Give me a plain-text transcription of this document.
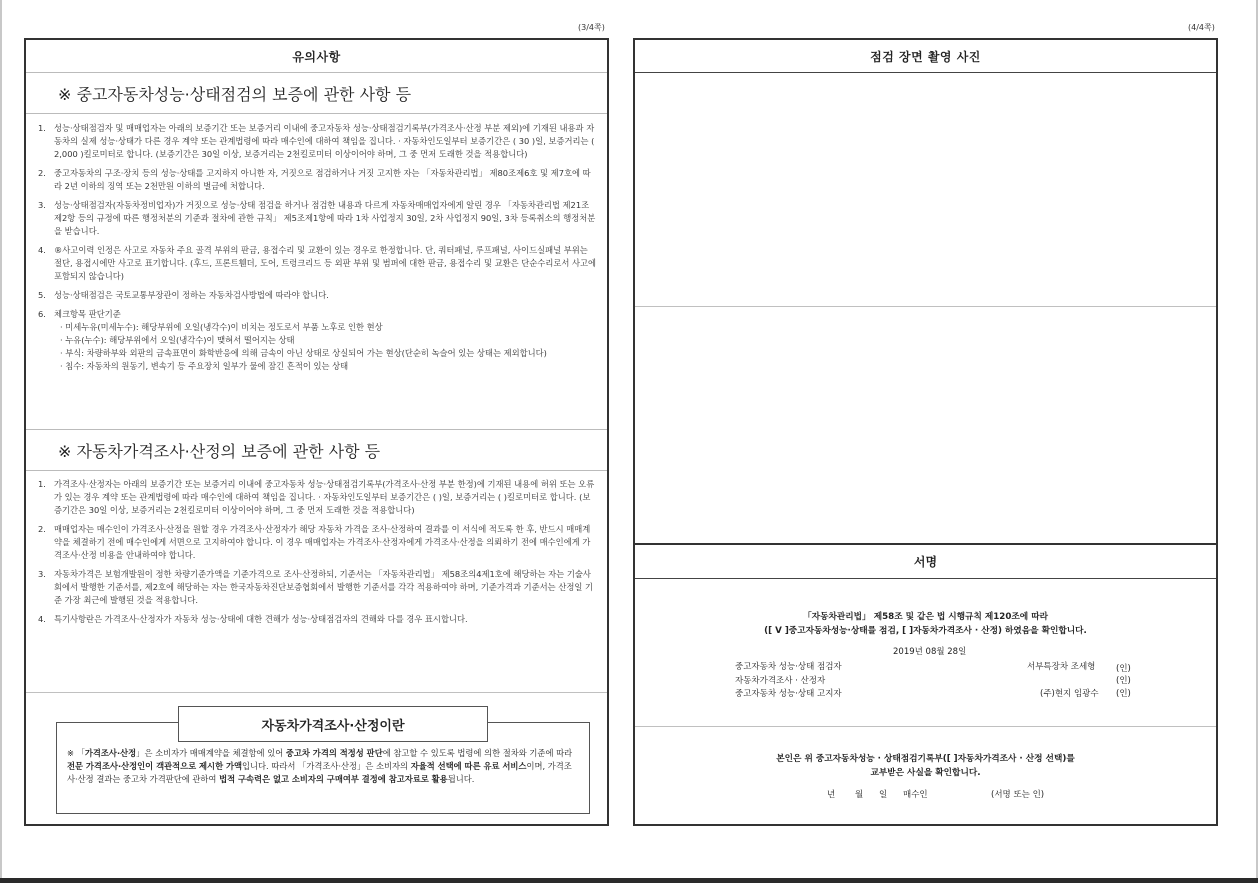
(3/4쪽)	(4/4쪽)
유의사항
※ 중고자동차성능·상태점검의 보증에 관한 사항 등
1. 성능·상태점검자 및 매매업자는 아래의 보증기간 또는 보증거리 이내에 중고자동차 성능·상태점검기록부(가격조사·산정 부분 제외)에 기재된 내용과 자동차의 실제 성능·상태가 다른 경우 계약 또는 관계법령에 따라 매수인에 대하여 책임을 집니다. · 자동차인도일부터 보증기간은 ( 30 )일, 보증거리는 ( 2,000 )킬로미터로 합니다. (보증기간은 30일 이상, 보증거리는 2천킬로미터 이상이어야 하며, 그 중 먼저 도래한 것을 적용합니다)
2. 중고자동차의 구조·장치 등의 성능·상태를 고지하지 아니한 자, 거짓으로 점검하거나 거짓 고지한 자는 「자동차관리법」 제80조제6호 및 제7호에 따라 2년 이하의 징역 또는 2천만원 이하의 벌금에 처합니다.
3. 성능·상태점검자(자동차정비업자)가 거짓으로 성능·상태 점검을 하거나 점검한 내용과 다르게 자동차매매업자에게 알린 경우 「자동차관리법 제21조제2항 등의 규정에 따른 행정처분의 기준과 절차에 관한 규칙」 제5조제1항에 따라 1차 사업정지 30일, 2차 사업정지 90일, 3차 등록취소의 행정처분을 받습니다.
4. ®사고이력 인정은 사고로 자동차 주요 골격 부위의 판금, 용접수리 및 교환이 있는 경우로 한정합니다. 단, 쿼터패널, 루프패널, 사이드실패널 부위는 절단, 용접시에만 사고로 표기합니다. (후드, 프론트휀더, 도어, 트렁크리드 등 외판 부위 및 범퍼에 대한 판금, 용접수리 및 교환은 단순수리로서 사고에 포함되지 않습니다)
5. 성능·상태점검은 국토교통부장관이 정하는 자동차검사방법에 따라야 합니다.
6. 체크항목 판단기준
· 미세누유(미세누수): 해당부위에 오일(냉각수)이 비치는 정도로서 부품 노후로 인한 현상
· 누유(누수): 해당부위에서 오일(냉각수)이 맺혀서 떨어지는 상태
· 부식: 차량하부와 외판의 금속표면이 화학반응에 의해 금속이 아닌 상태로 상실되어 가는 현상(단순히 녹슬어 있는 상태는 제외합니다)
· 침수: 자동차의 원동기, 변속기 등 주요장치 일부가 물에 잠긴 흔적이 있는 상태
※ 자동차가격조사·산정의 보증에 관한 사항 등
1. 가격조사·산정자는 아래의 보증기간 또는 보증거리 이내에 중고자동차 성능·상태점검기록부(가격조사·산정 부분 한정)에 기재된 내용에 허위 또는 오류가 있는 경우 계약 또는 관계법령에 따라 매수인에 대하여 책임을 집니다. · 자동차인도일부터 보증기간은 ( )일, 보증거리는 ( )킬로미터로 합니다. (보증기간은 30일 이상, 보증거리는 2천킬로미터 이상이어야 하며, 그 중 먼저 도래한 것을 적용합니다)
2. 매매업자는 매수인이 가격조사·산정을 원할 경우 가격조사·산정자가 해당 자동차 가격을 조사·산정하여 결과를 이 서식에 적도록 한 후, 반드시 매매계약을 체결하기 전에 매수인에게 서면으로 고지하여야 합니다. 이 경우 매매업자는 가격조사·산정자에게 가격조사·산정을 의뢰하기 전에 매수인에게 가격조사·산정 비용을 안내하여야 합니다.
3. 자동차가격은 보험개발원이 정한 차량기준가액을 기준가격으로 조사·산정하되, 기준서는 「자동차관리법」 제58조의4제1호에 해당하는 자는 기술사회에서 발행한 기준서를, 제2호에 해당하는 자는 한국자동차진단보증협회에서 발행한 기준서를 각각 적용하여야 하며, 기준가격과 기준서는 산정일 기준 가장 최근에 발행된 것을 적용합니다.
4. 특기사항란은 가격조사·산정자가 자동차 성능·상태에 대한 견해가 성능·상태점검자의 견해와 다를 경우 표시합니다.
※ 「가격조사·산정」은 소비자가 매매계약을 체결함에 있어 중고차 가격의 적정성 판단에 참고할 수 있도록 법령에 의한 절차와 기준에 따라 전문 가격조사·산정인이 객관적으로 제시한 가액입니다. 따라서 「가격조사·산정」은 소비자의 자율적 선택에 따른 유료 서비스이며, 가격조사·산정 결과는 중고차 가격판단에 관하여 법적 구속력은 없고 소비자의 구매여부 결정에 참고자료로 활용됩니다.
자동차가격조사·산정이란
점검 장면 촬영 사진
서명
「자동차관리법」 제58조 및 같은 법 시행규칙 제120조에 따라
([ V ]중고자동차성능·상태를 점검, [ ]자동차가격조사 · 산정) 하였음을 확인합니다.
2019년 08월 28일
중고자동차 성능·상태 점검자	서부특장차 조세형 (인)
자동차가격조사 · 산정자	(인)
중고자동차 성능·상태 고지자	(주)현지 임광수 (인)
본인은 위 중고자동차성능 · 상태점검기록부([ ]자동차가격조사 · 산정 선택)를
교부받은 사실을 확인합니다.
년 월 일 매수인	(서명 또는 인)
